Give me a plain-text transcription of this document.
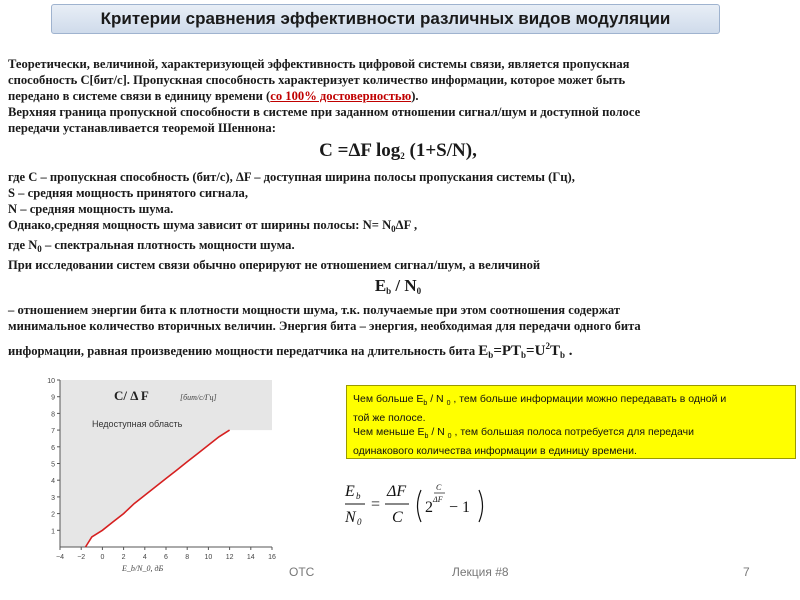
Критерии сравнения эффективности различных видов модуляции

Теоретически, величиной, характеризующей эффективность цифровой системы связи, является пропускная

способность С[бит/с]. Пропускная способность характеризует количество информации, которое может быть

передано в системе связи в единицу времени (со 100% достоверностью).

Верхняя граница пропускной способности в системе при заданном отношении сигнал/шум и доступной полосе

передачи устанавливается теоремой Шеннона:

C =ΔF $\log_2 (1+S/N)$,

где C – пропускная способность (бит/с), ΔF – доступная ширина полосы пропускания системы (Гц),

S – средняя мощность принятого сигнала,

N – средняя мощность шума.

Однако,средняя мощность шума зависит от ширины полосы: $N= N_0\Delta F$ ,

где $N_0$ – спектральная плотность мощности шума.

При исследовании систем связи обычно оперируют не отношением сигнал/шум, а величиной

$E_b / N_0$

– отношением энергии бита к плотности мощности шума, т.к. получаемые при этом соотношения содержат

минимальное количество вторичных величин. Энергия бита – энергия, необходимая для передачи одного бита

информации, равная произведению мощности передатчика на длительность бита $E_b=PT_b=U^2T_b$ .

1
2
3
4
5
6
7
8
9
10
−4 −2 0 2 4 6 8 10 12 14 16
C/ Δ F	[бит/с/Гц]
Недоступная область
E_b/N_0, дБ
Чем больше $E_b$ / N $_0$ , тем больше информации можно передавать в одной и
той же полосе.
Чем меньше $E_b$ / N $_0$ , тем большая полоса потребуется для передачи
одинакового количества информации в единицу времени.
E b
N 0
=
ΔF
C
2
C
ΔF − 1
ОТС	Лекция #8	7
